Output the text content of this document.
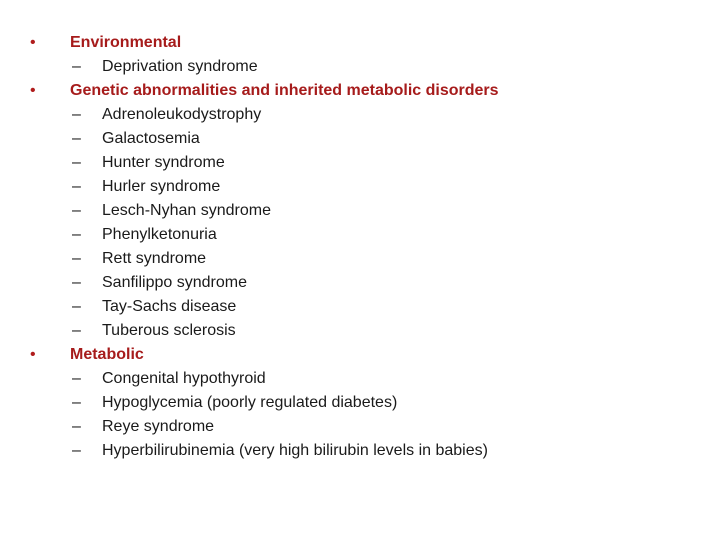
•	Environmental
– Deprivation syndrome
•	Genetic abnormalities and inherited metabolic disorders
– Adrenoleukodystrophy
– Galactosemia
– Hunter syndrome
– Hurler syndrome
– Lesch-Nyhan syndrome
– Phenylketonuria
– Rett syndrome
– Sanfilippo syndrome
– Tay-Sachs disease
– Tuberous sclerosis
•	Metabolic
– Congenital hypothyroid
– Hypoglycemia (poorly regulated diabetes)
– Reye syndrome
– Hyperbilirubinemia (very high bilirubin levels in babies)
